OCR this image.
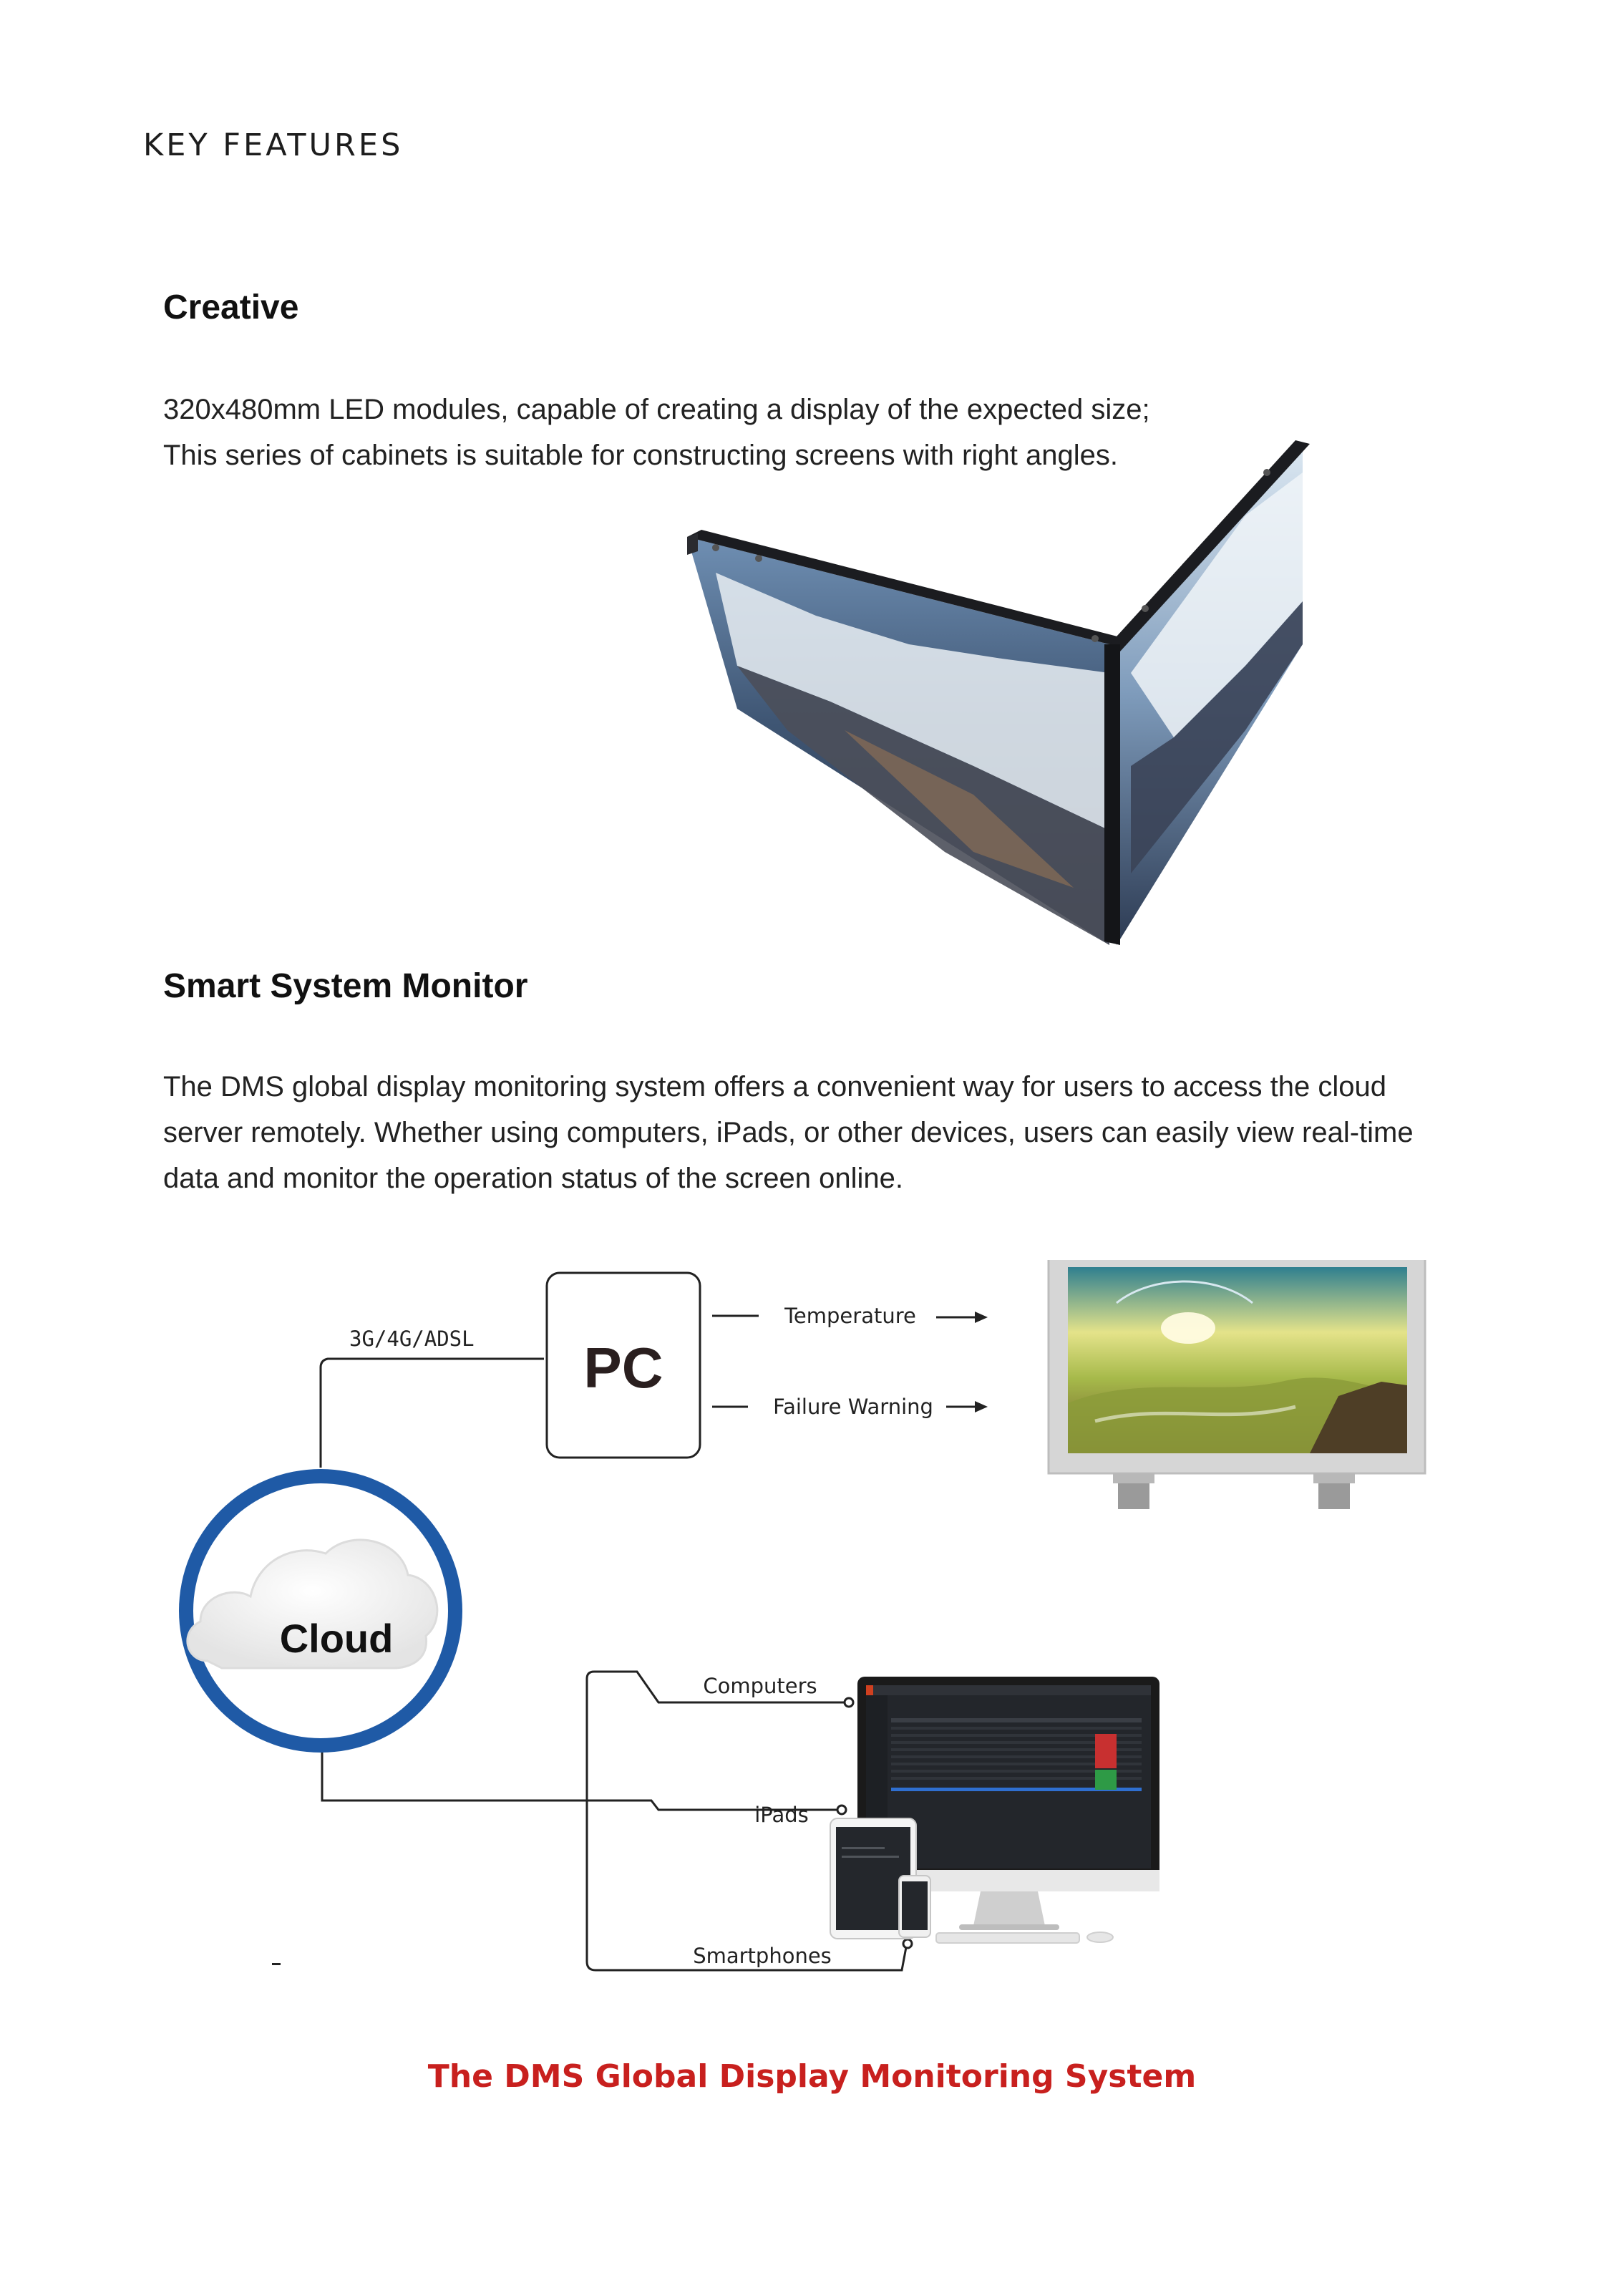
KEY FEATURES
Creative
320x480mm LED modules, capable of creating a display of the expected size;
This series of cabinets is suitable for constructing screens with right angles.
Smart System Monitor
The DMS global display monitoring system offers a convenient way for users to access the cloud
server remotely. Whether using computers, iPads, or other devices, users can easily view real-time
data and monitor the operation status of the screen online.
3G/4G/ADSL PC
Temperature
Failure Warning
Cloud
Computers
iPads
Smartphones
The DMS Global Display Monitoring System
